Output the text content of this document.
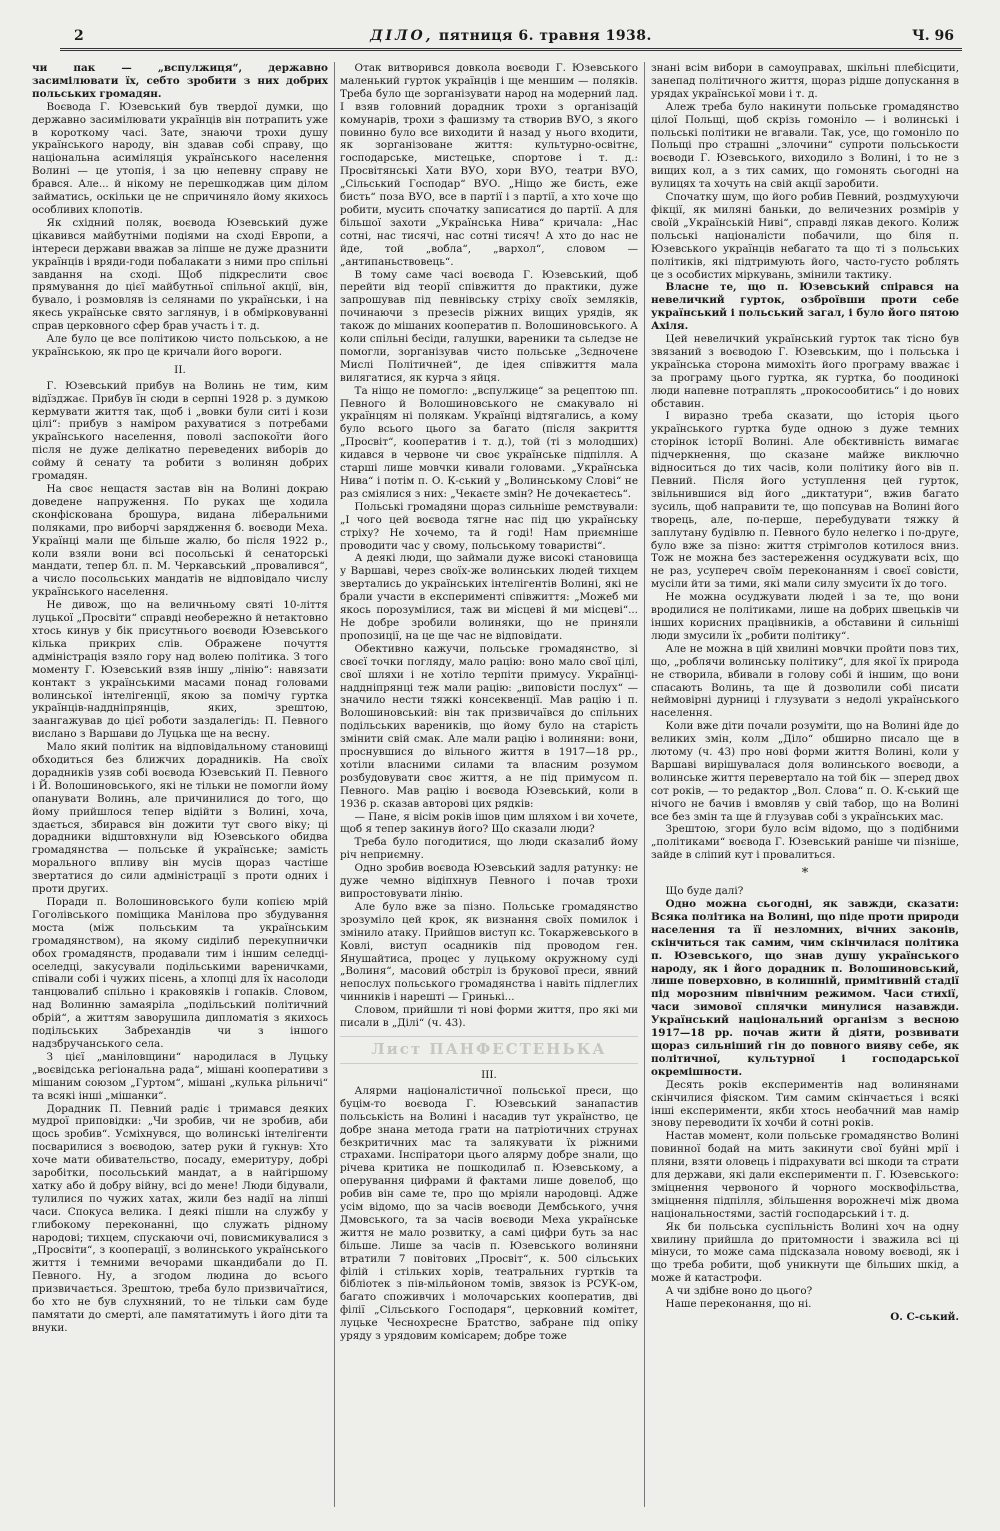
2	ДІЛО, пятниця 6. травня 1938.	Ч. 96

чи пак — „вспулжиця“, державно засимілювати їх, себто зробити з них добрих польських громадян.

Воєвода Г. Юзевський був твердої думки, що державно засимілювати українців він потрапить уже в короткому часі. Зате, знаючи трохи душу українського народу, він здавав собі справу, що національна асиміляція українського населення Волині — це утопія, і за цю непевну справу не брався. Але... й нікому не перешкоджав цим ділом займатись, оскільки це не спричиняло йому якихось особливих клопотів.

Як східний поляк, воєвода Юзевський дуже цікавився майбутніми подіями на сході Европи, а інтереси держави вважав за ліпше не дуже дразнити українців і вряди-годи побалакати з ними про спільні завдання на сході. Щоб підкреслити своє прямування до цієї майбутньої спільної акції, він, бувало, і розмовляв із селянами по українськи, і на якесь українське свято заглянув, і в обмірковуванні справ церковного сфер брав участь і т. д.

Але було це все політикою чисто польською, а не українською, як про це кричали його вороги.

II.

Г. Юзевський прибув на Волинь не тим, ким відїзджає. Прибув їн сюди в серпні 1928 р. з думкою кермувати життя так, щоб і „вовки були ситі і кози цілі“: прибув з наміром рахуватися з потребами українського населення, поволі заспокоїти його після не дуже делікатно переведених виборів до сойму й сенату та робити з волинян добрих громадян.

На своє нещастя застав він на Волині докраю доведене напруження. По руках ще ходила сконфіскована брошура, видана ліберальними поляками, про виборчі зарядження б. воєводи Меха. Українці мали ще більше жалю, бо після 1922 р., коли взяли вони всі посольські й сенаторські мандати, тепер бл. п. М. Черкавський „провалився“, а число посольських мандатів не відповідало числу українського населення.

Не дивож, що на величньому святі 10-ліття луцької „Просвіти“ справді необережно й нетактовно хтось кинув у бік присутнього воєводи Юзевського кілька прикрих слів. Ображене почуття адміністрація взяло гору над волею політика. З того моменту Г. Юзевський взяв іншу „лінію“: навязати контакт з українськими масами понад головами волинської інтелігенції, якою за помічу гуртка українців-наддніпрянців, яких, зрештою, заангажував до цієї роботи заздалегідь: П. Певного вислано з Варшави до Луцька ще на весну.

Мало який політик на відповідальному становищі обходиться без ближчих дорадників. На своїх дорадників узяв собі воєвода Юзевський П. Певного і Й. Волошиновського, які не тільки не помогли йому опанувати Волинь, але причинилися до того, що йому прийшлося тепер відійти з Волині, хоча, здається, збирався він дожити тут свого віку; ці дорадники відштовхнули від Юзевського обидва громадянства — польське й українське; замість морального впливу він мусів щораз частіше звертатися до сили адміністрації з проти одних і проти других.

Поради п. Волошиновського були копією мрій Гоголівського поміщика Манілова про збудування моста (між польським та українським громадянством), на якому сиділиб перекупнички обох громадянств, продавали тим і іншим селедці-оселедці, закусували подільськими вареничками, співали собі і чужих пісень, а хлопці для їх насолоди танцювалиб спільно і краковяків і гопаків. Словом, над Волинню замаяріла „подільський політичний обрій“, а життям заворушила дипломатія з якихось подільських Забрехандів чи з іншого надзбручанського села.

З цієї „маніловщини“ народилася в Луцьку „воєвідська регіональна рада“, мішані кооперативи з мішаним союзом „Гуртом“, мішані „кулька рільничі“ та всякі інші „мішанки“.

Дорадник П. Певний радіє і тримався деяких мудрої приповідки: „Чи зробив, чи не зробив, аби щось зробив“. Усміхнувся, що волинські інтелігенти посварилися з воєводою, затер руки й гукнув: Хто хоче мати обивательство, посаду, емеритуру, добрі заробітки, посольський мандат, а в найгіршому хатку або й добру війну, всі до мене! Люди бідували, тулилися по чужих хатах, жили без надії на ліпші часи. Спокуса велика. І деякі пішли на службу у глибокому переконанні, що служать рідному народові; тихцем, спускаючи очі, повисмикувалися з „Просвіти“, з кооперації, з волинського українського життя і темними вечорами шкандибали до П. Певного. Ну, а згодом людина до всього призвичається. Зрештою, треба було призвичаїтися, бо хто не був слухняний, то не тільки сам буде памятати до смерті, але памятатимуть і його діти та внуки.

Отак витворився довкола воєводи Г. Юзевського маленький гурток українців і ще меншим — поляків. Треба було ще зорганізувати народ на модерний лад. І взяв головний дорадник трохи з організацій комунарів, трохи з фашизму та створив ВУО, з якого повинно було все виходити й назад у нього входити, як зорганізоване життя: культурно-освітнє, господарське, мистецьке, спортове і т. д.: Просвітянські Хати ВУО, хори ВУО, театри ВУО, „Сільський Господар“ ВУО. „Ніщо же бисть, еже бисть“ поза ВУО, все в партії і з партії, а хто хоче що робити, мусить спочатку записатися до партії. А для більшої захоти „Українська Нива“ кричала: „Нас сотні, нас тисячі, нас сотні тисяч! А хто до нас не йде, той „вобла“, „вархол“, словом — „антипаньствовець“.

В тому саме часі воєвода Г. Юзевський, щоб перейти від теорії співжиття до практики, дуже запрошував під певнівську стріху своїх земляків, починаючи з презесів ріжних вищих урядів, як також до мішаних кооператив п. Волошиновського. А коли спільні бесіди, галушки, вареники та сьледзе не помогли, зорганізував чисто польське „Зєдночене Мислі Політичней“, де ідея співжиття мала вилягатися, як курча з яйця.

Та ніщо не помогло: „вспулжице“ за рецептою пп. Певного й Волошиновського не смакувало ні українцям ні полякам. Українці відтягались, а кому було всього цього за багато (після закриття „Просвіт“, кооператив і т. д.), той (ті з молодших) кидався в червоне чи своє українське підпілля. А старші лише мовчки кивали головами. „Українська Нива“ і потім п. О. К-ський у „Волинському Слові“ не раз сміялися з них: „Чекаєте змін? Не дочекаєтесь“.

Польські громадяни щораз сильніше ремствували: „І чого цей воєвода тягне нас під цю українську стріху? Не хочемо, та й годі! Нам приємніше проводити час у свому, польському товаристві“.

А деякі люди, що займали дуже високі становища у Варшаві, через своїх-же волинських людей тихцем звертались до українських інтелігентів Волині, які не брали участи в експерименті співжиття: „Можеб ми якось порозумілися, таж ви місцеві й ми місцеві“... Не добре зробили волиняки, що не приняли пропозиції, на це ще час не відповідати.

Обективно кажучи, польське громадянство, зі своєї точки погляду, мало рацію: воно мало свої цілі, свої шляхи і не хотіло терпіти примусу. Українці-наддніпрянці теж мали рацію: „виповісти послух“ — значило нести тяжкі консеквенції. Мав рацію і п. Волошиновський: він так призвичаївся до спільних подільських вареників, що йому було на старість змінити свій смак. Але мали рацію і волиняни: вони, проснувшися до вільного життя в 1917—18 рр., хотіли власними силами та власним розумом розбудовувати своє життя, а не під примусом п. Певного. Мав рацію і воєвода Юзевський, коли в 1936 р. сказав авторові цих рядків:

— Пане, я вісім років ішов цим шляхом і ви хочете, щоб я тепер закинув його? Що сказали люди?

Треба було погодитися, що люди сказалиб йому річ неприємну.

Одно зробив воєвода Юзевський задля ратунку: не дуже чемно відіпхнув Певного і почав трохи випростовувати лінію.

Але було вже за пізно. Польське громадянство зрозуміло цей крок, як визнання своїх помилок і змінило атаку. Прийшов виступ кс. Токаржевського в Ковлі, виступ осадників під проводом ген. Янушайтиса, процес у луцькому окружному суді „Волиня“, масовий обстріл із брукової преси, явний непослух польського громадянства і навіть підлеглих чинників і нарешті — Гринькі...

Словом, прийшли ті нові форми життя, про які ми писали в „Ділі“ (ч. 43).

Лист ПАНФЕСТЕНЬКА

III.

Алярми націоналістичної польської преси, що буцім-то воєвода Г. Юзевський занапастив польськість на Волині і насадив тут українство, це добре знана метода грати на патріотичних струнах безкритичних мас та залякувати їх ріжними страхами. Інспіратори цього алярму добре знали, що річева критика не пошкодилаб п. Юзевському, а оперування цифрами й фактами лише довелоб, що робив він саме те, про що мріяли народовці. Адже усім відомо, що за часів воєводи Дембського, учня Дмовського, та за часів воєводи Меха українське життя не мало розвитку, а самі цифри буть за нас більше. Лише за часів п. Юзевського волиняни втратили 7 повітових „Просвіт“, к. 500 сільських філій і стільких хорів, театральних гуртків та бібліотек з пів-мільйоном томів, звязок із РСУК-ом, багато споживчих і молочарських кооператив, дві філії „Сільського Господаря“, церковний комітет, луцьке Чеснохресне Братство, забране під опіку уряду з урядовим комісарем; добре тоже

знані всім вибори в самоуправах, шкільні плебісцити, занепад політичного життя, щораз рідше допускання в урядах української мови і т. д.

Алеж треба було накинути польське громадянство цілої Польщі, щоб скрізь гомоніло — і волинські і польські політики не вгавали. Так, усе, що гомоніло по Польщі про страшні „злочини“ супроти польськости воєводи Г. Юзевського, виходило з Волині, і то не з вищих кол, а з тих самих, що гомонять сьогодні на вулицях та хочуть на свій акції заробити.

Спочатку шум, що його робив Певний, роздмухуючи фікції, як миляні баньки, до величезних розмірів у своїй „Українській Ниві“, справді лякав декого. Колиж польські націоналісти побачили, що біля п. Юзевського українців небагато та що ті з польських політиків, які підтримують його, часто-густо роблять це з особистих міркувань, змінили тактику.

Власне те, що п. Юзевський спірався на невеличкий гурток, озброївши проти себе український і польський загал, і було його пятою Ахіля.

Цей невеличкий український гурток так тісно був звязаний з воєводою Г. Юзевським, що і польська і українська сторона мимохіть його програму вважає і за програму цього гуртка, як гуртка, бо поодинокі люди напевне потраплять „прокосообитись“ і до нових обставин.

І виразно треба сказати, що історія цього українського гуртка буде одною з дуже темних сторінок історії Волині. Але обєктивність вимагає підчеркнення, що сказане майже виключно відноситься до тих часів, коли політику його вів п. Певний. Після його уступлення цей гурток, звільнившися від його „диктатури“, вжив багато зусиль, щоб направити те, що попсував на Волині його творець, але, по-перше, перебудувати тяжку й заплутану будівлю п. Певного було нелегко і по-друге, було вже за пізно: життя стрімголов котилося вниз. Тож не можна без застереження осуджувати всіх, що не раз, усупереч своїм переконанням і своєї совісти, мусіли йти за тими, які мали силу змусити їх до того.

Не можна осуджувати людей і за те, що вони вродилися не політиками, лише на добрих швецьків чи інших корисних працівників, а обставини й сильніші люди змусили їх „робити політику“.

Але не можна в цій хвилині мовчки пройти повз тих, що, „роблячи волинську політику“, для якої їх природа не створила, вбивали в голову собі й іншим, що вони спасають Волинь, та ще й дозволили собі писати неймовірні дурниці і глузувати з недолі українського населення.

Коли вже діти почали розуміти, що на Волині йде до великих змін, колм „Діло“ обширно писало ще в лютому (ч. 43) про нові форми життя Волині, коли у Варшаві вирішувалася доля волинського воєводи, а волинське життя перевертало на той бік — зперед двох сот років, — то редактор „Вол. Слова“ п. О. К-ський ще нічого не бачив і вмовляв у свій табор, що на Волині все без змін та ще й глузував собі з українських мас.

Зрештою, згори було всім відомо, що з подібними „політиками“ воєвода Г. Юзевський раніше чи пізніше, зайде в сліпий кут і провалиться.

*

Що буде далі?

Одно можна сьогодні, як завжди, сказати: Всяка політика на Волині, що піде проти природи населення та її незломних, вічних законів, скінчиться так самим, чим скінчилася політика п. Юзевського, що знав душу українського народу, як і його дорадник п. Волошиновський, лише поверховно, в колишній, примітивній стадії під морозним північним режимом. Часи стихії, часи зимової сплячки минулися назавжди. Український національний організм з весною 1917—18 рр. почав жити й діяти, розвивати щораз сильніший гін до повного вияву себе, як політичної, культурної і господарської окремішности.

Десять років експериментів над волинянами скінчилися фіяском. Тим самим скінчається і всякі інші експерименти, якби хтось необачний мав намір знову переводити їх хочби й сотні років.

Настав момент, коли польське громадянство Волині повинної бодай на мить закинути свої буйні мрії і пляни, взяти оловець і підрахувати всі шкоди та страти для держави, які дали експерименти п. Г. Юзевського: зміцнення червоного й чорного москвофільства, зміцнення підпілля, збільшення ворожнечі між двома національностями, застій господарський і т. д.

Як би польська суспільність Волині хоч на одну хвилину прийшла до притомности і зважила всі ці мінуси, то може сама підсказала новому воєводі, як і що треба робити, щоб уникнути ще більших шкід, а може й катастрофи.

А чи здібне воно до цього?

Наше переконання, що ні.

О. С-ський.
